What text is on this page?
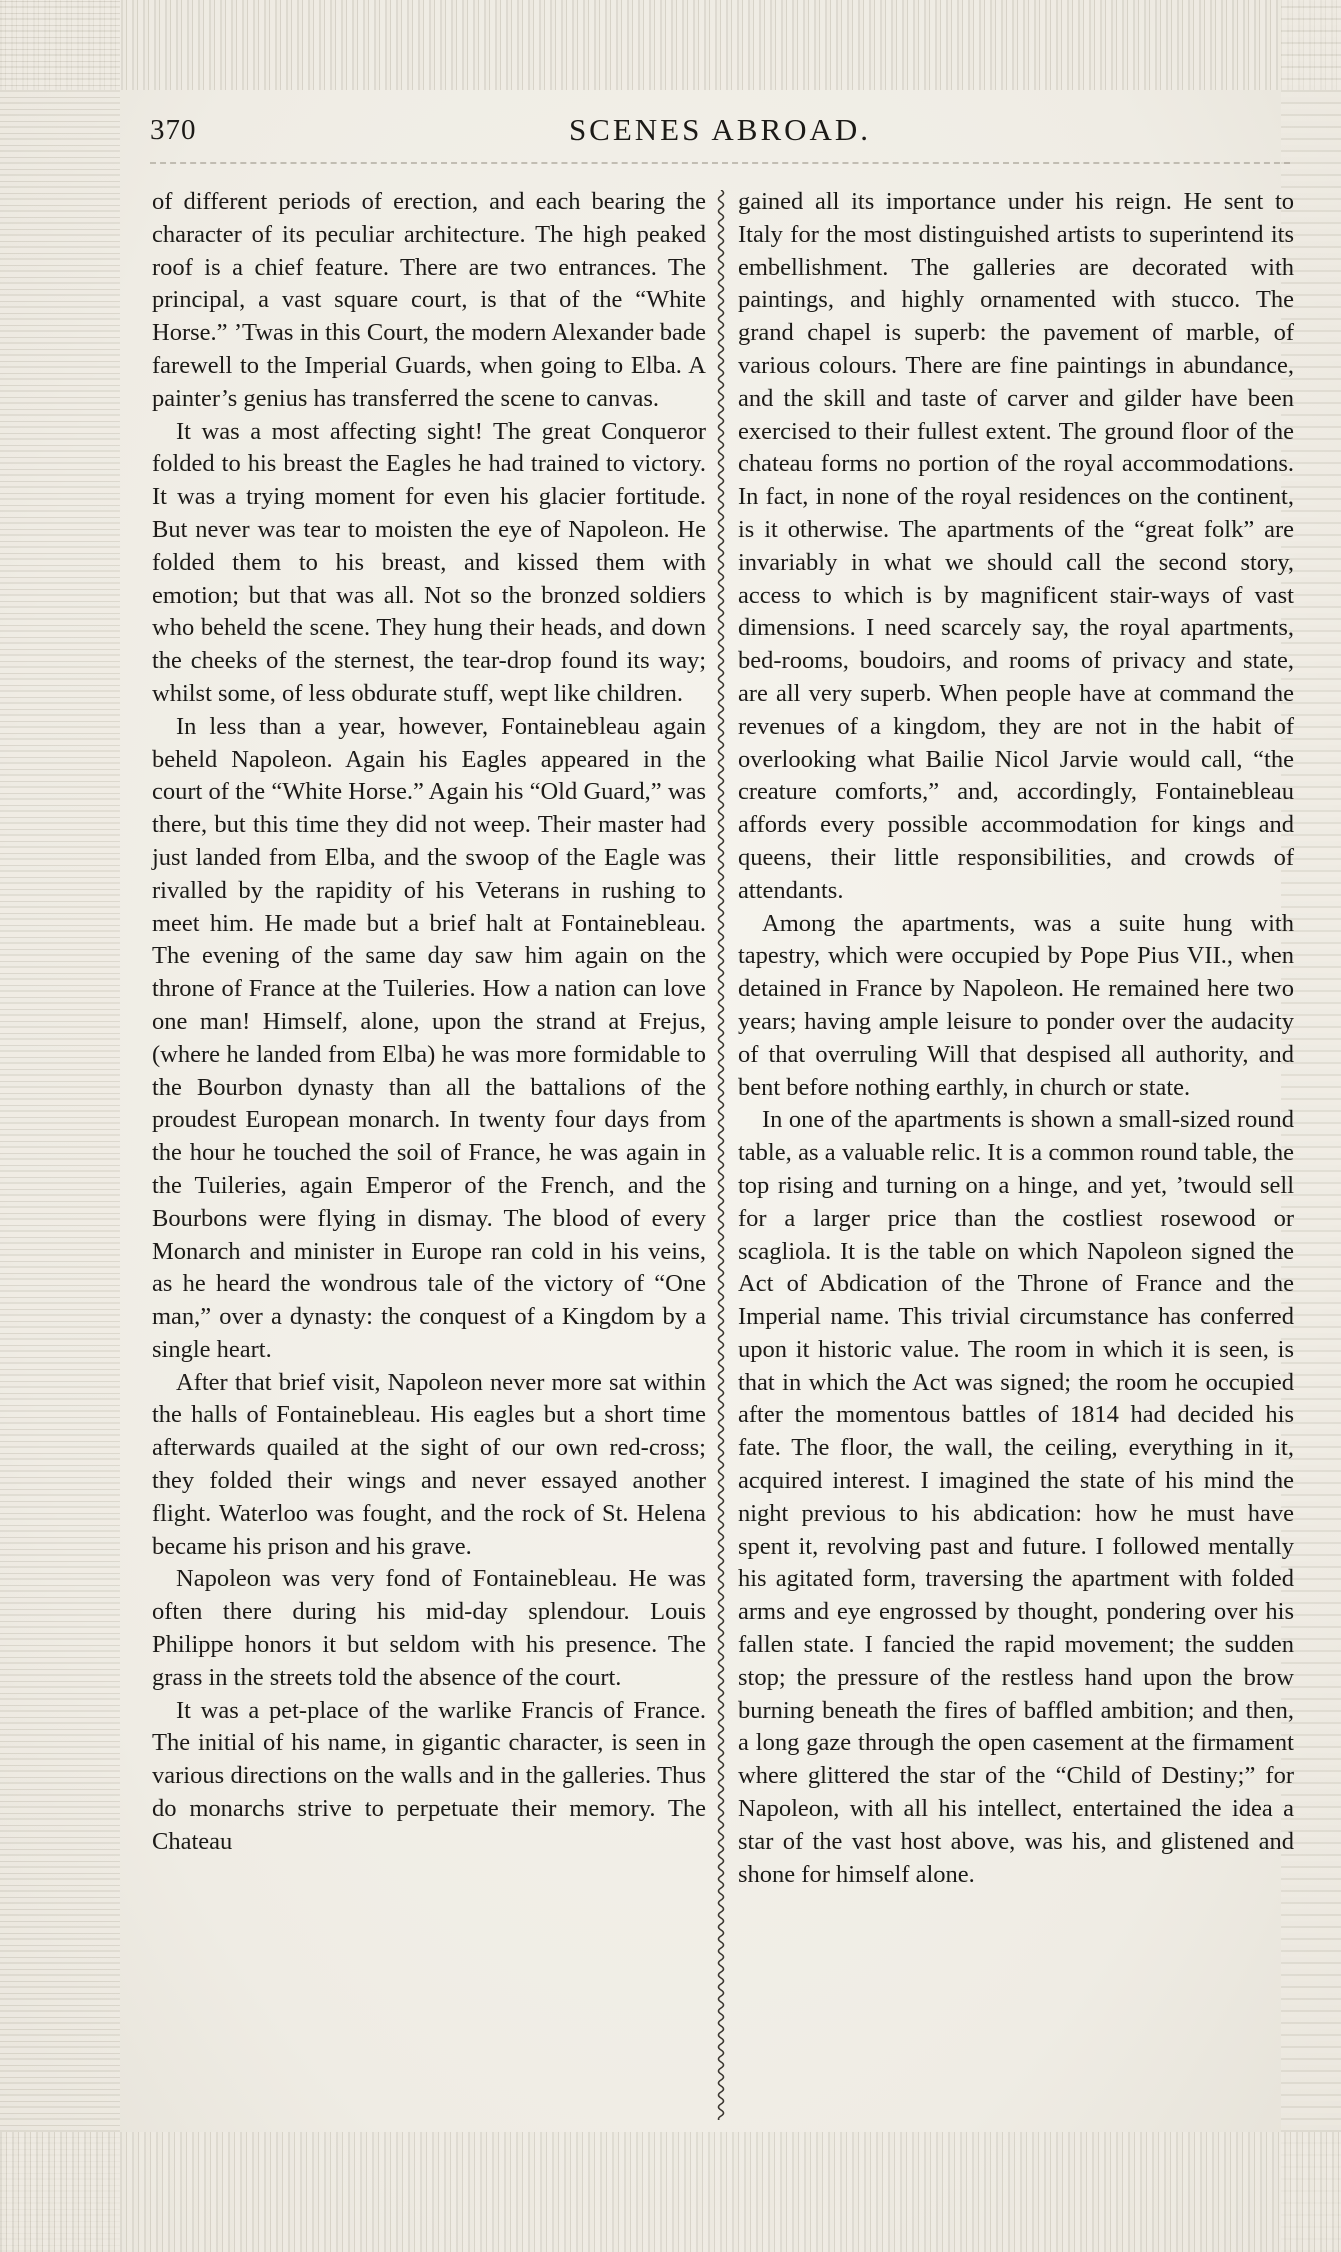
370	SCENES ABROAD.

of different periods of erection, and each bearing the character of its peculiar architecture. The high peaked roof is a chief feature. There are two entrances. The principal, a vast square court, is that of the “White Horse.” ’Twas in this Court, the modern Alexander bade farewell to the Imperial Guards, when going to Elba. A painter’s genius has transferred the scene to canvas.

It was a most affecting sight! The great Conqueror folded to his breast the Eagles he had trained to victory. It was a trying moment for even his glacier fortitude. But never was tear to moisten the eye of Napoleon. He folded them to his breast, and kissed them with emotion; but that was all. Not so the bronzed soldiers who beheld the scene. They hung their heads, and down the cheeks of the sternest, the tear-drop found its way; whilst some, of less obdurate stuff, wept like children.

In less than a year, however, Fontainebleau again beheld Napoleon. Again his Eagles appeared in the court of the “White Horse.” Again his “Old Guard,” was there, but this time they did not weep. Their master had just landed from Elba, and the swoop of the Eagle was rivalled by the rapidity of his Veterans in rushing to meet him. He made but a brief halt at Fontainebleau. The evening of the same day saw him again on the throne of France at the Tuileries. How a nation can love one man! Himself, alone, upon the strand at Frejus, (where he landed from Elba) he was more formidable to the Bourbon dynasty than all the battalions of the proudest European monarch. In twenty four days from the hour he touched the soil of France, he was again in the Tuileries, again Emperor of the French, and the Bourbons were flying in dismay. The blood of every Monarch and minister in Europe ran cold in his veins, as he heard the wondrous tale of the victory of “One man,” over a dynasty: the conquest of a Kingdom by a single heart.

After that brief visit, Napoleon never more sat within the halls of Fontainebleau. His eagles but a short time afterwards quailed at the sight of our own red-cross; they folded their wings and never essayed another flight. Waterloo was fought, and the rock of St. Helena became his prison and his grave.

Napoleon was very fond of Fontainebleau. He was often there during his mid-day splendour. Louis Philippe honors it but seldom with his presence. The grass in the streets told the absence of the court.

It was a pet-place of the warlike Francis of France. The initial of his name, in gigantic character, is seen in various directions on the walls and in the galleries. Thus do monarchs strive to perpetuate their memory. The Chateau

gained all its importance under his reign. He sent to Italy for the most distinguished artists to superintend its embellishment. The galleries are decorated with paintings, and highly ornamented with stucco. The grand chapel is superb: the pavement of marble, of various colours. There are fine paintings in abundance, and the skill and taste of carver and gilder have been exercised to their fullest extent. The ground floor of the chateau forms no portion of the royal accommodations. In fact, in none of the royal residences on the continent, is it otherwise. The apartments of the “great folk” are invariably in what we should call the second story, access to which is by magnificent stair-ways of vast dimensions. I need scarcely say, the royal apartments, bed-rooms, boudoirs, and rooms of privacy and state, are all very superb. When people have at command the revenues of a kingdom, they are not in the habit of overlooking what Bailie Nicol Jarvie would call, “the creature comforts,” and, accordingly, Fontainebleau affords every possible accommodation for kings and queens, their little responsibilities, and crowds of attendants.

Among the apartments, was a suite hung with tapestry, which were occupied by Pope Pius VII., when detained in France by Napoleon. He remained here two years; having ample leisure to ponder over the audacity of that overruling Will that despised all authority, and bent before nothing earthly, in church or state.

In one of the apartments is shown a small-sized round table, as a valuable relic. It is a common round table, the top rising and turning on a hinge, and yet, ’twould sell for a larger price than the costliest rosewood or scagliola. It is the table on which Napoleon signed the Act of Abdication of the Throne of France and the Imperial name. This trivial circumstance has conferred upon it historic value. The room in which it is seen, is that in which the Act was signed; the room he occupied after the momentous battles of 1814 had decided his fate. The floor, the wall, the ceiling, everything in it, acquired interest. I imagined the state of his mind the night previous to his abdication: how he must have spent it, revolving past and future. I followed mentally his agitated form, traversing the apartment with folded arms and eye engrossed by thought, pondering over his fallen state. I fancied the rapid movement; the sudden stop; the pressure of the restless hand upon the brow burning beneath the fires of baffled ambition; and then, a long gaze through the open casement at the firmament where glittered the star of the “Child of Destiny;” for Napoleon, with all his intellect, entertained the idea a star of the vast host above, was his, and glistened and shone for himself alone.
